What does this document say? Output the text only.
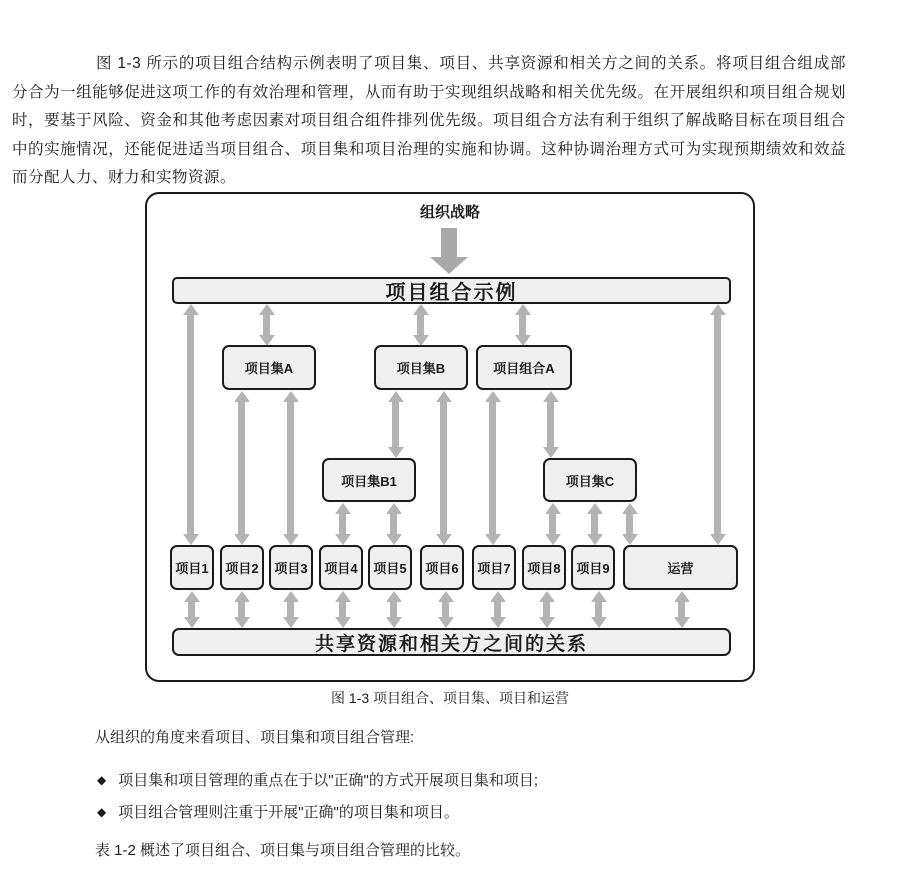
图 1-3 所示的项目组合结构示例表明了项目集、项目、共享资源和相关方之间的关系。将项目组合组成部分合为一组能够促进这项工作的有效治理和管理，从而有助于实现组织战略和相关优先级。在开展组织和项目组合规划时，要基于风险、资金和其他考虑因素对项目组合组件排列优先级。项目组合方法有利于组织了解战略目标在项目组合中的实施情况，还能促进适当项目组合、项目集和项目治理的实施和协调。这种协调治理方式可为实现预期绩效和效益而分配人力、财力和实物资源。

组织战略
项目组合示例
项目集A	项目集B	项目组合A
项目集B1	项目集C
项目1	项目2	项目3	项目4	项目5	项目6	项目7	项目8	项目9	运营
共享资源和相关方之间的关系
图 1-3 项目组合、项目集、项目和运营

从组织的角度来看项目、项目集和项目组合管理:

◆ 项目集和项目管理的重点在于以"正确"的方式开展项目集和项目;

◆ 项目组合管理则注重于开展"正确"的项目集和项目。

表 1-2 概述了项目组合、项目集与项目组合管理的比较。
